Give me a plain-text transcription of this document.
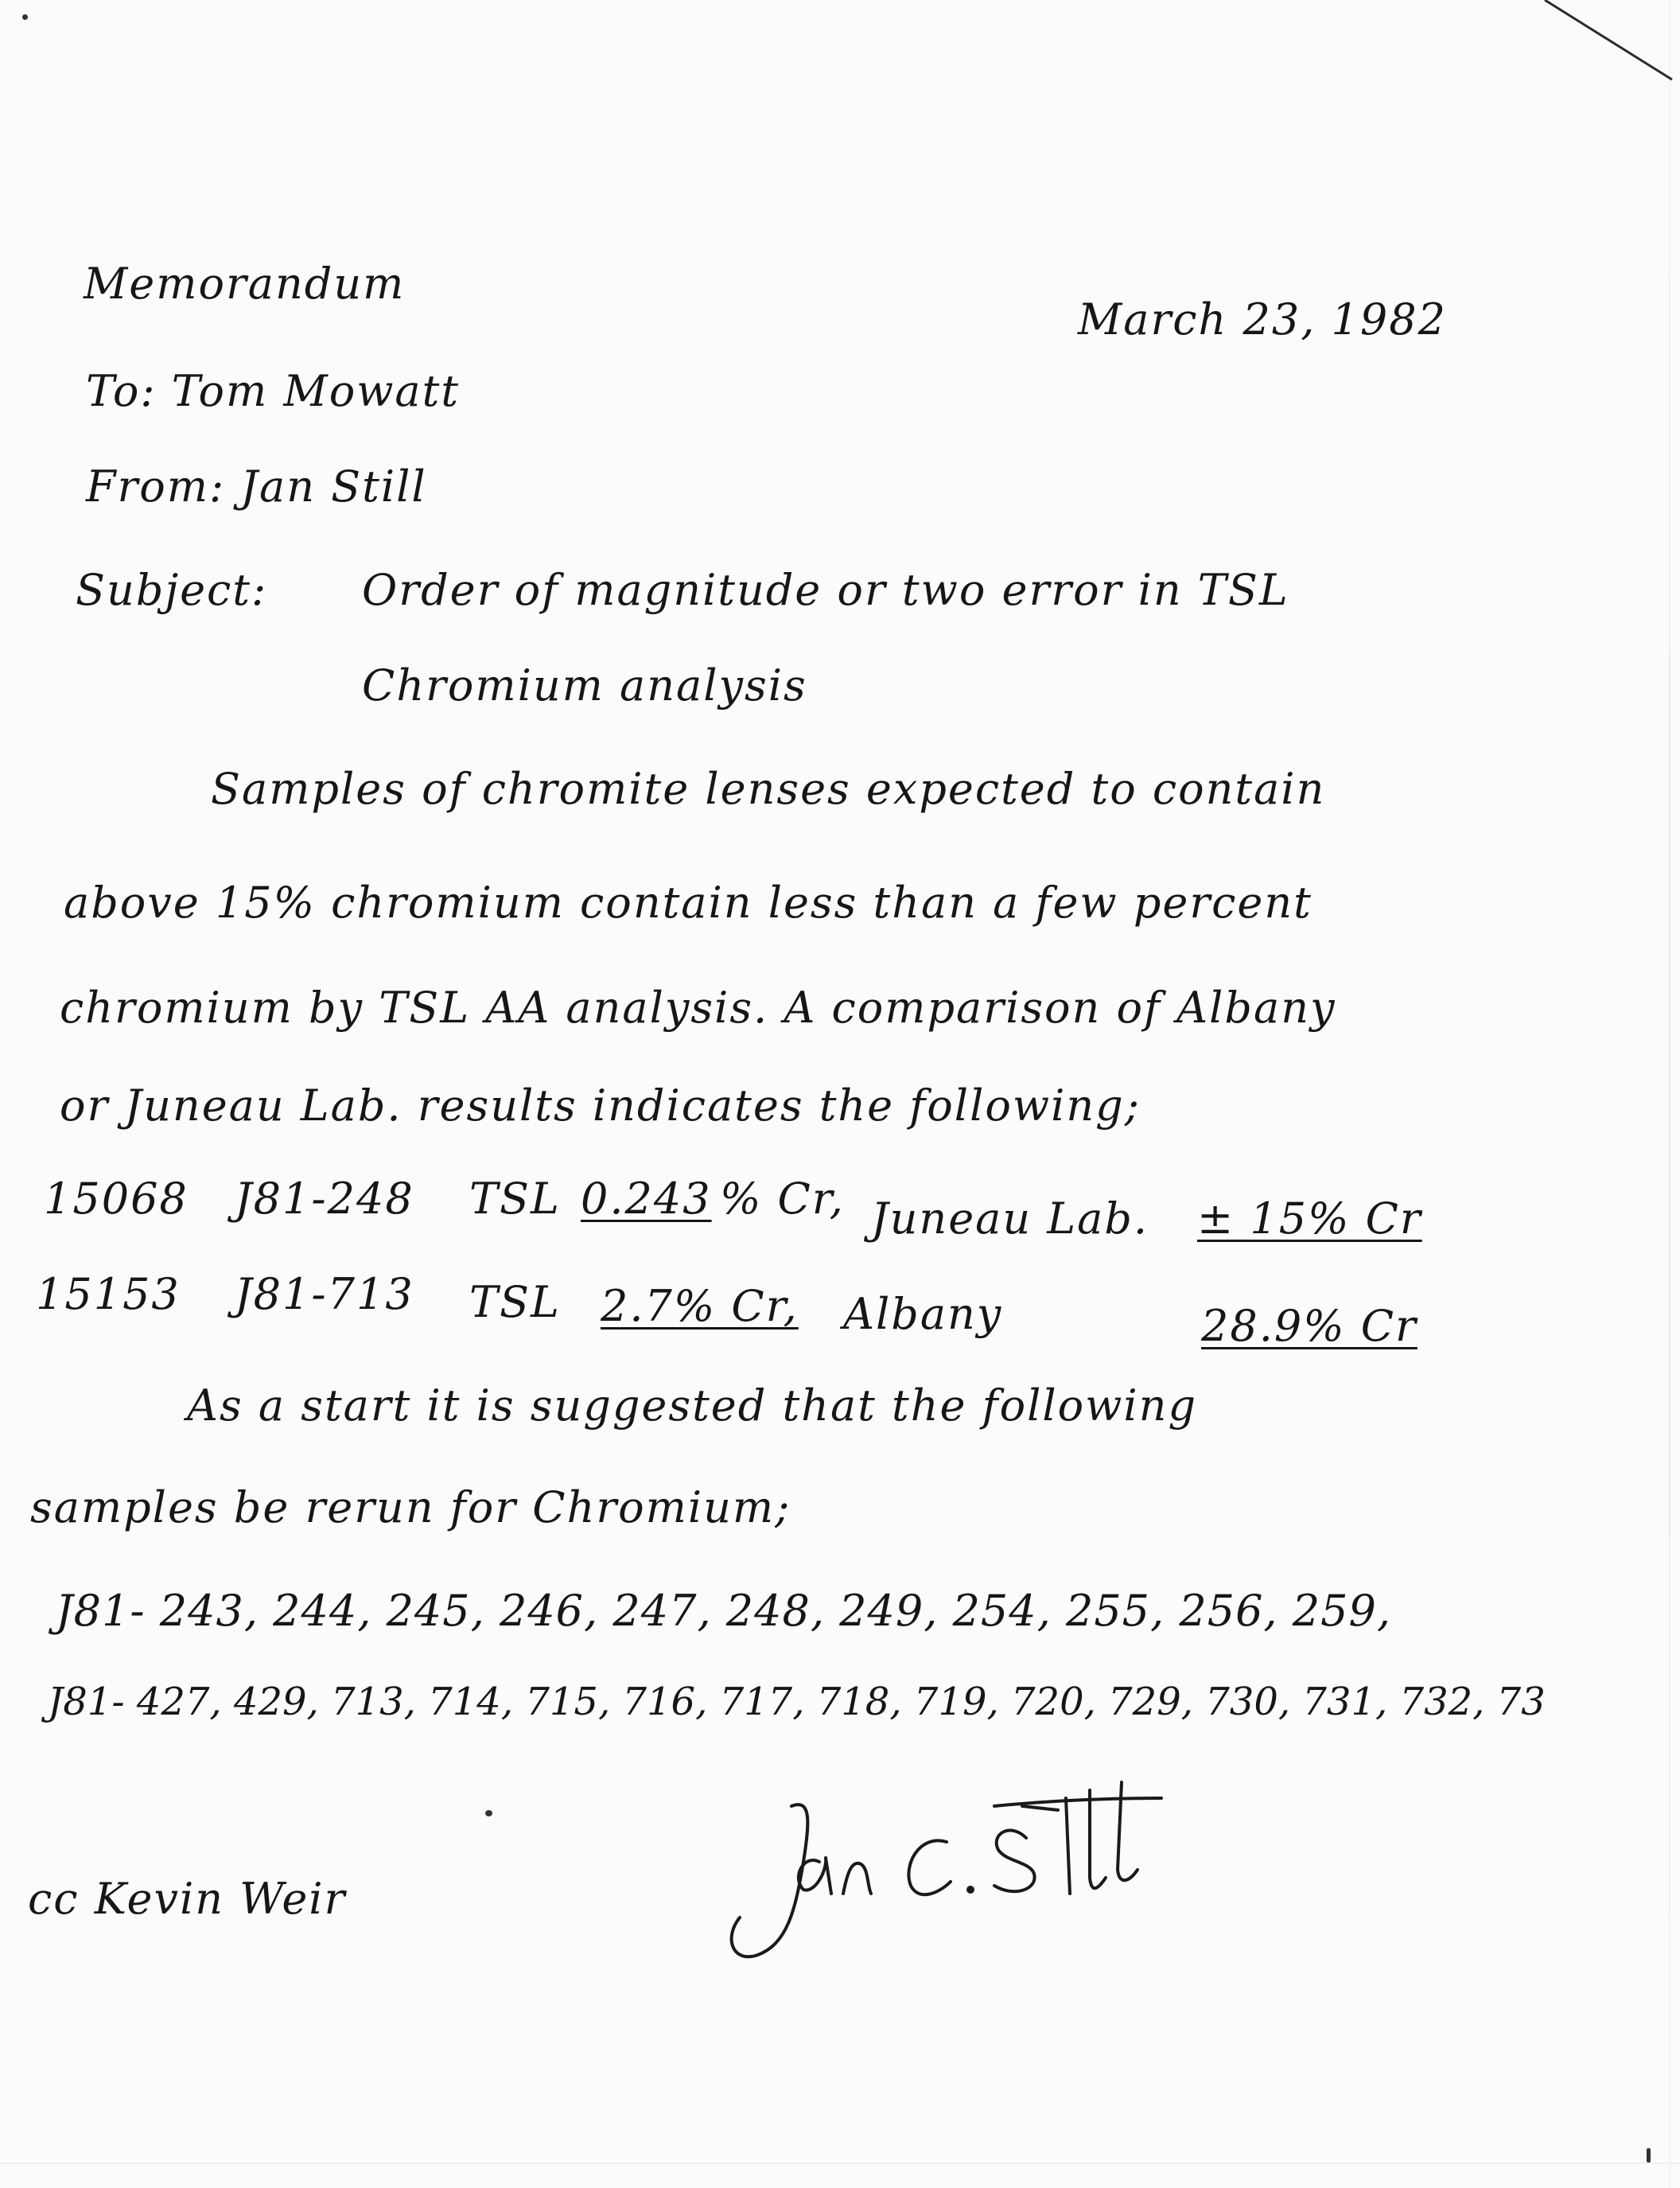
Memorandum
March 23, 1982
To: Tom Mowatt
From: Jan Still
Subject: Order of magnitude or two error in TSL
Chromium analysis
Samples of chromite lenses expected to contain
above 15% chromium contain less than a few percent
chromium by TSL AA analysis. A comparison of Albany
or Juneau Lab. results indicates the following;
15068 J81-248 TSL 0.243 % Cr, Juneau Lab. ± 15% Cr
15153 J81-713 TSL 2.7% Cr, Albany	28.9% Cr
As a start it is suggested that the following
samples be rerun for Chromium;
J81- 243, 244, 245, 246, 247, 248, 249, 254, 255, 256, 259,
J81- 427, 429, 713, 714, 715, 716, 717, 718, 719, 720, 729, 730, 731, 732, 73
cc Kevin Weir
